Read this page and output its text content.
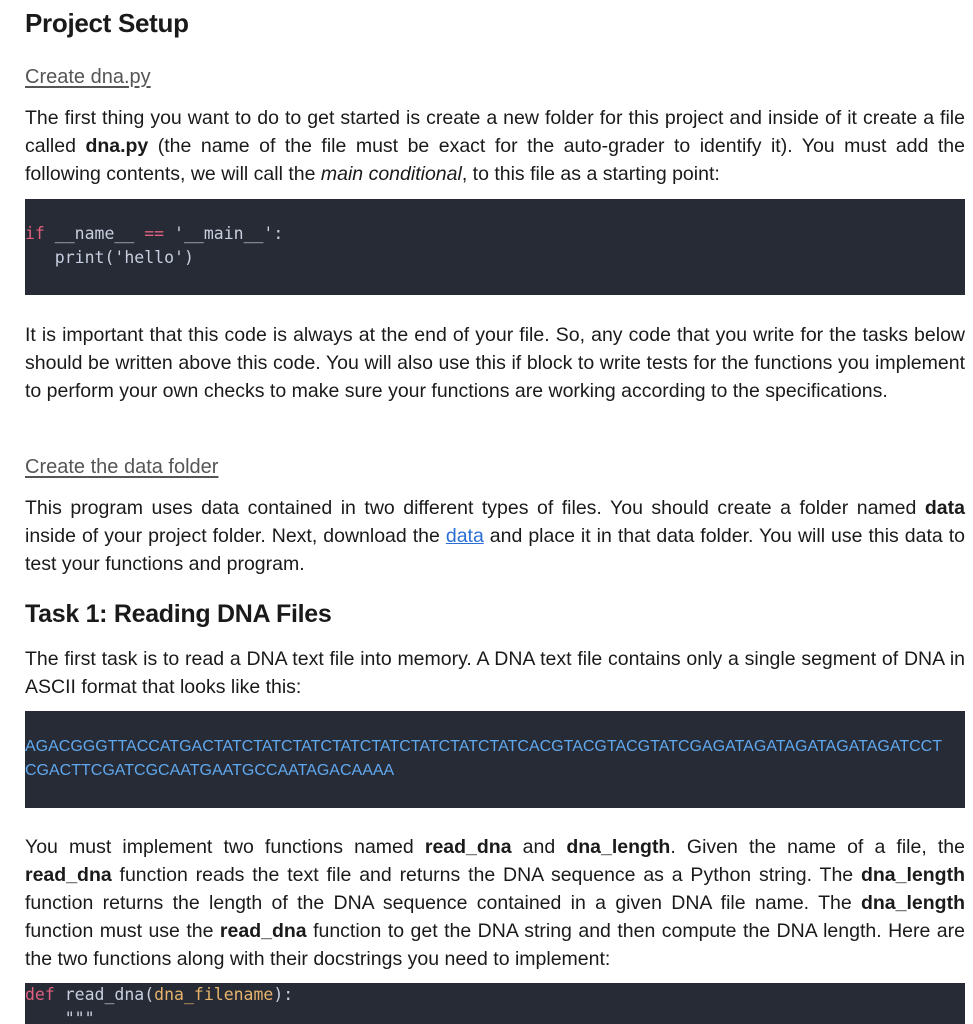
Project Setup
Create dna.py

The first thing you want to do to get started is create a new folder for this project and inside of it create a file called dna.py (the name of the file must be exact for the auto-grader to identify it). You must add the following contents, we will call the main conditional, to this file as a starting point:

if __name__ == '__main__':
print('hello')

It is important that this code is always at the end of your file. So, any code that you write for the tasks below should be written above this code. You will also use this if block to write tests for the functions you implement to perform your own checks to make sure your functions are working according to the specifications.

Create the data folder

This program uses data contained in two different types of files. You should create a folder named data inside of your project folder. Next, download the data and place it in that data folder. You will use this data to test your functions and program.

Task 1: Reading DNA Files

The first task is to read a DNA text file into memory. A DNA text file contains only a single segment of DNA in ASCII format that looks like this:

AGACGGGTTACCATGACTATCTATCTATCTATCTATCTATCTATCTATCACGTACGTACGTATCGAGATAGATAGATAGATAGATCCT
CGACTTCGATCGCAATGAATGCCAATAGACAAAA

You must implement two functions named read_dna and dna_length. Given the name of a file, the read_dna function reads the text file and returns the DNA sequence as a Python string. The dna_length function returns the length of the DNA sequence contained in a given DNA file name. The dna_length function must use the read_dna function to get the DNA string and then compute the DNA length. Here are the two functions along with their docstrings you need to implement:

def read_dna(dna_filename):
"""
